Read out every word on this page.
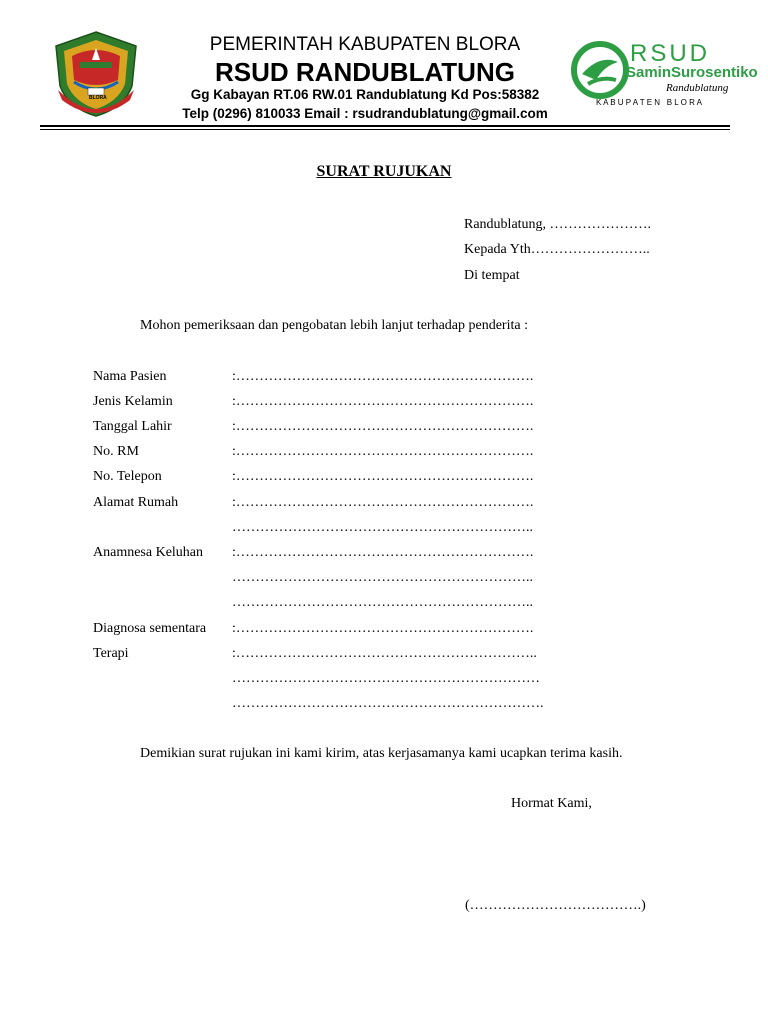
BLORA
PEMERINTAH KABUPATEN BLORA
RSUD RANDUBLATUNG
Gg Kabayan RT.06 RW.01 Randublatung Kd Pos:58382
Telp (0296) 810033 Email : rsudrandublatung@gmail.com
RSUD
SaminSurosentiko
Randublatung
K A B U P A T E N   B L O R A
SURAT RUJUKAN
Randublatung, ………………….
Kepada Yth……………………..
Di tempat
Mohon pemeriksaan dan pengobatan lebih lanjut terhadap penderita :
Nama Pasien	:……………………………………………………….
Jenis Kelamin	:……………………………………………………….
Tanggal Lahir	:……………………………………………………….
No. RM	:……………………………………………………….
No. Telepon	:……………………………………………………….
Alamat Rumah	:……………………………………………………….
………………………………………………………..
Anamnesa Keluhan :……………………………………………………….
………………………………………………………..
………………………………………………………..
Diagnosa sementara :……………………………………………………….
Terapi	:………………………………………………………..
…………………………………………………………
………………………………………………………….
Demikian surat rujukan ini kami kirim, atas kerjasamanya kami ucapkan terima kasih.
Hormat Kami,
(……………………………….)
